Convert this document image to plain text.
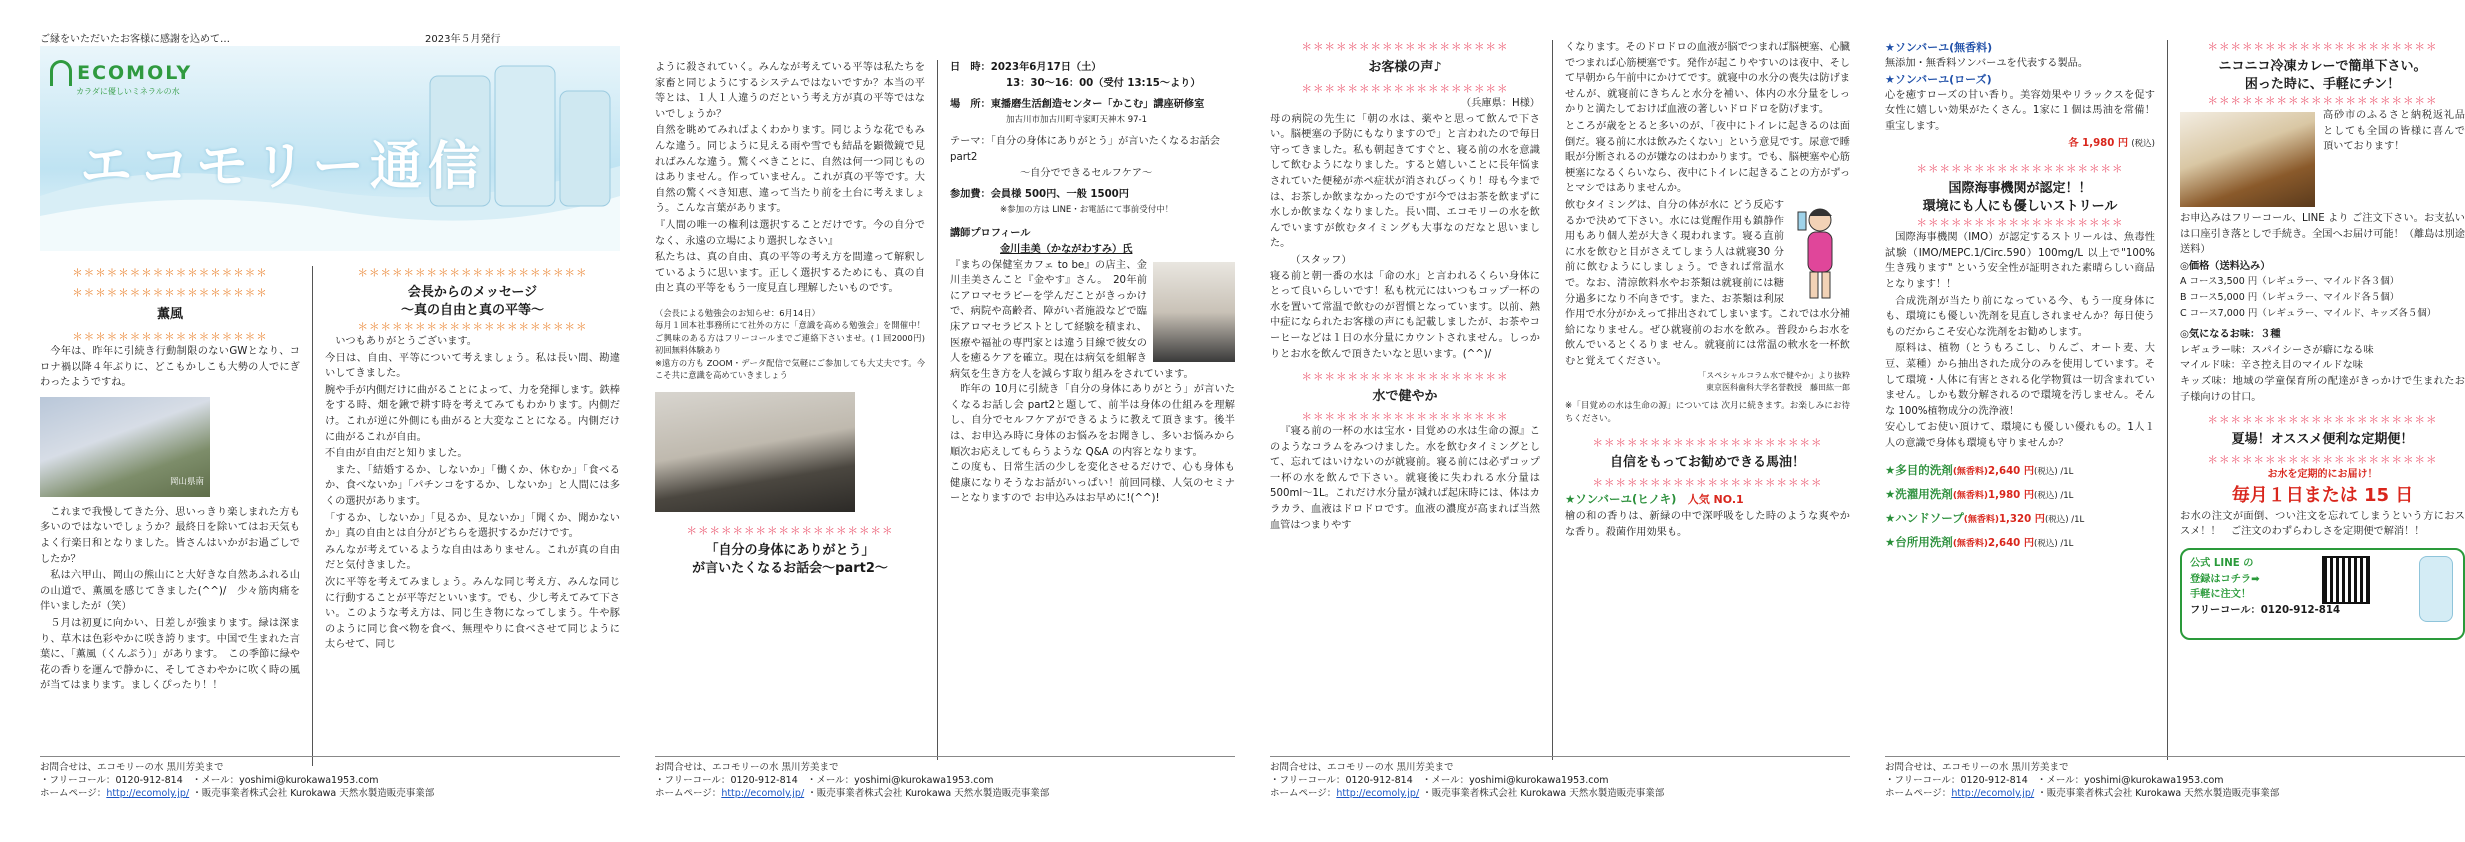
ご縁をいただいたお客様に感謝を込めて…	2023年５月発行
ECOMOLY
カラダに優しいミネラルの水
エコモリー通信
＊＊＊＊＊＊＊＊＊＊＊＊＊＊＊＊＊
＊＊＊＊＊＊＊＊＊＊＊＊＊＊＊＊＊
薫風
＊＊＊＊＊＊＊＊＊＊＊＊＊＊＊＊＊

今年は、昨年に引続き行動制限のないGWとなり、コロナ禍以降４年ぶりに、どこもかしこも大勢の人でにぎわったようですね。

岡山県南

これまで我慢してきた分、思いっきり楽しまれた方も多いのではないでしょうか？最終日を除いてはお天気もよく行楽日和となりました。皆さんはいかがお過ごしでしたか？

私は六甲山、岡山の熊山にと大好きな自然あふれる山の山道で、薫風を感じてきました(^^)/　少々筋肉痛を伴いましたが（笑）

５月は初夏に向かい、日差しが強まります。緑は深まり、草木は色彩やかに咲き誇ります。中国で生まれた言葉に、「薫風（くんぷう）」があります。　この季節に緑や花の香りを運んで静かに、そしてさわやかに吹く時の風が当てはまります。ましくぴったり！！

＊＊＊＊＊＊＊＊＊＊＊＊＊＊＊＊＊＊＊＊
会長からのメッセージ
～真の自由と真の平等～
＊＊＊＊＊＊＊＊＊＊＊＊＊＊＊＊＊＊＊＊

いつもありがとうございます。

今日は、自由、平等について考えましょう。私は長い間、勘違いしてきました。

腕や手が内側だけに曲がることによって、力を発揮します。鉄棒をする時、畑を鍬で耕す時を考えてみてもわかります。内側だけ。これが逆に外側にも曲がると大変なことになる。内側だけに曲がるこれが自由。

不自由が自由だと知りました。

また、「結婚するか、しないか」「働くか、休むか」「食べるか、食べないか」「パチンコをするか、しないか」と人間には多くの選択があります。

「するか、しないか」「見るか、見ないか」「聞くか、聞かないか」真の自由とは自分がどちらを選択するかだけです。

みんなが考えているような自由はありません。これが真の自由だと気付きました。

次に平等を考えてみましょう。みんな同じ考え方、みんな同じに行動することが平等だといいます。でも、少し考えてみて下さい。このような考え方は、同じ生き物になってしまう。牛や豚のように同じ食べ物を食べ、無理やりに食べさせて同じように太らせて、同じ

お問合せは、エコモリーの水 黒川芳美まで
・フリーコール：0120-912-814 ・メール：yoshimi@kurokawa1953.com
ホームページ：http://ecomoly.jp/ ・販売事業者株式会社 Kurokawa 天然水製造販売事業部

ように殺されていく。みんなが考えている平等は私たちを家畜と同じようにするシステムではないですか？本当の平等とは、１人１人違うのだという考え方が真の平等ではないでしょうか？

自然を眺めてみればよくわかります。同じような花でもみんな違う。同じように見える雨や雪でも結晶を顕微鏡で見ればみんな違う。驚くべきことに、自然は何一つ同じものはありません。作っていません。これが真の平等です。大自然の驚くべき知恵、違って当たり前を土台に考えましょう。こんな言葉があります。

『人間の唯一の権利は選択することだけです。今の自分でなく、永遠の立場により選択しなさい』

私たちは、真の自由、真の平等の考え方を間違って解釈しているように思います。正しく選択するためにも、真の自由と真の平等をもう一度見直し理解したいものです。

（会長による勉強会のお知らせ：6月14日）
毎月１回本社事務所にて社外の方に「意識を高める勉強会」を開催中！ご興味のある方はフリーコールまでご連絡下さいませ。(１回2000円) 初回無料体験あり
※遠方の方も ZOOM・データ配信で気軽にご参加しても大丈夫です。今こそ共に意識を高めていきましょう
＊＊＊＊＊＊＊＊＊＊＊＊＊＊＊＊＊＊
「自分の身体にありがとう」
が言いたくなるお話会～part2～
日　時：2023年6月17日（土）
13：30～16：00（受付 13:15～より）
場　所：東播磨生活創造センター「かこむ」講座研修室
加古川市加古川町寺家町天神木 97-1
テーマ：「自分の身体にありがとう」が言いたくなるお話会part2
～自分でできるセルフケア～
参加費：会員様 500円、一般 1500円
※参加の方は LINE・お電話にて事前受付中！
講師プロフィール
金川圭美（かながわすみ）氏
『まちの保健室カフェ to be』の店主、金川圭美さんこと『金やす』さん。　20年前にアロマセラピーを学んだことがきっかけで、病院や高齢者、障がい者施設などで臨床アロマセラピストとして経験を積まれ、医療や福祉の専門家とは違う目線で彼女の人を癒るケアを確立。現在は病気を組解き病気を生き方を人を減らす取り組みをされています。

昨年の 10月に引続き「自分の身体にありがとう」が言いたくなるお話し会 part2と題して、前半は身体の仕組みを理解し、自分でセルフケアができるように教えて頂きます。後半は、お申込み時に身体のお悩みをお聞きし、多いお悩みから順次お応えしてもらうような Q&A の内容となります。

この度も、日常生活の少しを変化させるだけで、心も身体も健康になりそうなお話がいっぱい！前回同様、人気のセミナーとなりますので お申込みはお早めに!(^^)!

お問合せは、エコモリーの水 黒川芳美まで
・フリーコール：0120-912-814 ・メール：yoshimi@kurokawa1953.com
ホームページ：http://ecomoly.jp/ ・販売事業者株式会社 Kurokawa 天然水製造販売事業部
＊＊＊＊＊＊＊＊＊＊＊＊＊＊＊＊＊＊
お客様の声♪
＊＊＊＊＊＊＊＊＊＊＊＊＊＊＊＊＊＊
（兵庫県：H様）

母の病院の先生に「朝の水は、薬やと思って飲んで下さい。脳梗塞の予防にもなりますので」と言われたので毎日守ってきました。私も朝起きてすぐと、寝る前の水を意識して飲むようになりました。すると嬉しいことに長年悩まされていた便秘が赤ペ症状が消されびっくり！母も今までは、お茶しか飲まなかったのですが今ではお茶を飲まずに水しか飲まなくなりました。長い間、エコモリーの水を飲んでいますが飲むタイミングも大事なのだなと思いました。

（スタッフ）

寝る前と朝一番の水は「命の水」と言われるくらい身体にとって良いらしいです！私も枕元にはいつもコップ一杯の水を置いて常温で飲むのが習慣となっています。以前、熱中症になられたお客様の声にも記載しましたが、お茶やコーヒーなどは１日の水分量にカウントされません。しっかりとお水を飲んで頂きたいなと思います。(^^)/

＊＊＊＊＊＊＊＊＊＊＊＊＊＊＊＊＊＊
水で健やか
＊＊＊＊＊＊＊＊＊＊＊＊＊＊＊＊＊＊

『寝る前の一杯の水は宝水・目覚めの水は生命の源』このようなコラムをみつけました。水を飲むタイミングとして、忘れてはいけないのが就寝前。寝る前には必ずコップ一杯の水を飲んで下さい。就寝後に失われる水分量は 500ml～1L。これだけ水分量が減れば起床時には、体はカラカラ、血液はドロドロです。血液の濃度が高まれば当然血管はつまりやす

くなります。そのドロドロの血液が脳でつまれば脳梗塞、心臓でつまれば心筋梗塞です。発作が起こりやすいのは夜中、そして早朝から午前中にかけてです。就寝中の水分の喪失は防げませんが、就寝前にきちんと水分を補い、体内の水分量をしっかりと満たしておけば血液の著しいドロドロを防げます。

ところが歳をとると多いのが、「夜中にトイレに起きるのは面倒だ。寝る前に水は飲みたくない」という意見です。尿意で睡眠が分断されるのが嫌なのはわかります。でも、脳梗塞や心筋梗塞になるくらいなら、夜中にトイレに起きることの方がずっとマシではありませんか。

飲むタイミングは、自分の体が水に どう反応するかで決めて下さい。水には覚醒作用も鎮静作用もあり個人差が大きく現われます。寝る直前に水を飲むと目がさえてしまう人は就寝30 分前に飲むようにしましょう。できれば常温水で。なお、清涼飲料水やお茶類は就寝前には糖分過多になり不向きです。また、お茶類は利尿作用で水分がかえって排出されてしまいます。これでは水分補給になりません。ぜひ就寝前のお水を飲み。普段からお水を飲んでいるとくるりま せん。就寝前には常温の軟水を一杯飲むと覚えてください。

「スペシャルコラム水で健やか」より抜粋
東京医科歯科大学名誉教授　藤田紘一郎
※「目覚めの水は生命の源」については 次月に続きます。お楽しみにお待ちください。
＊＊＊＊＊＊＊＊＊＊＊＊＊＊＊＊＊＊＊＊
自信をもってお勧めできる馬油！
＊＊＊＊＊＊＊＊＊＊＊＊＊＊＊＊＊＊＊＊
★ソンバーユ(ヒノキ) 人気 NO.1

檜の和の香りは、新緑の中で深呼吸をした時のような爽やかな香り。殺菌作用効果も。

お問合せは、エコモリーの水 黒川芳美まで
・フリーコール：0120-912-814 ・メール：yoshimi@kurokawa1953.com
ホームページ：http://ecomoly.jp/ ・販売事業者株式会社 Kurokawa 天然水製造販売事業部
★ソンバーユ(無香料)

無添加・無香料ソンバーユを代表する製品。

★ソンバーユ(ローズ)

心を癒すローズの甘い香り。美容効果やリラックスを促す女性に嬉しい効果がたくさん。1家に１個は馬油を常備！重宝します。

各 1,980 円 (税込)
＊＊＊＊＊＊＊＊＊＊＊＊＊＊＊＊＊＊
国際海事機関が認定！！
環境にも人にも優しいストリール
＊＊＊＊＊＊＊＊＊＊＊＊＊＊＊＊＊＊

国際海事機関（IMO）が認定するストリールは、魚毒性試験（IMO/MEPC.1/Circ.590）100mg/L 以上で"100%生き残ります" という安全性が証明された素晴らしい商品となります！！

合成洗剤が当たり前になっている今、もう一度身体にも、環境にも優しい洗剤を見直しされませんか？毎日使うものだからこそ安心な洗剤をお勧めします。

原料は、植物（とうもろこし、りんご、オート麦、大豆、菜種）から抽出された成分のみを使用しています。そして環境・人体に有害とされる化学物質は一切含まれていません。しかも数分解されるので環境を汚しません。そんな 100%植物成分の洗浄液！

安心してお使い頂けて、環境にも優しい優れもの。1人１人の意識で身体も環境も守りませんか？

★多目的洗剤(無香料)2,640 円(税込) /1L
★洗濯用洗剤(無香料)1,980 円(税込) /1L
★ハンドソープ(無香料)1,320 円(税込) /1L
★台所用洗剤(無香料)2,640 円(税込) /1L
＊＊＊＊＊＊＊＊＊＊＊＊＊＊＊＊＊＊＊＊
ニコニコ冷凍カレーで簡単下さい。
困った時に、手軽にチン！
＊＊＊＊＊＊＊＊＊＊＊＊＊＊＊＊＊＊＊＊
高砂市のふるさと納税返礼品としても全国の皆様に喜んで頂いております！

お申込みはフリーコール、LINE より ご注文下さい。お支払いは口座引き落としで手続き。全国へお届け可能！（離島は別途送料）

◎価格（送料込み）
A コース3,500 円（レギュラー、マイルド各３個）
B コース5,000 円（レギュラー、マイルド各５個）
C コース7,000 円（レギュラー、マイルド、キッズ各５個）
◎気になるお味：３種
レギュラー味：スパイシーさが癖になる味
マイルド味：辛さ控え目のマイルドな味
キッズ味：地域の学童保育所の配達がきっかけで生まれたお子様向けの甘口。
＊＊＊＊＊＊＊＊＊＊＊＊＊＊＊＊＊＊＊＊
夏場！オススメ便利な定期便！
＊＊＊＊＊＊＊＊＊＊＊＊＊＊＊＊＊＊＊＊
お水を定期的にお届け！
毎月１日または 15 日

お水の注文が面倒、つい注文を忘れてしまうという方におススメ！！　ご注文のわずらわしさを定期便で解消！！

公式 LINE の
登録はコチラ➡
手軽に注文！
フリーコール：0120-912-814
お問合せは、エコモリーの水 黒川芳美まで
・フリーコール：0120-912-814 ・メール：yoshimi@kurokawa1953.com
ホームページ：http://ecomoly.jp/ ・販売事業者株式会社 Kurokawa 天然水製造販売事業部
